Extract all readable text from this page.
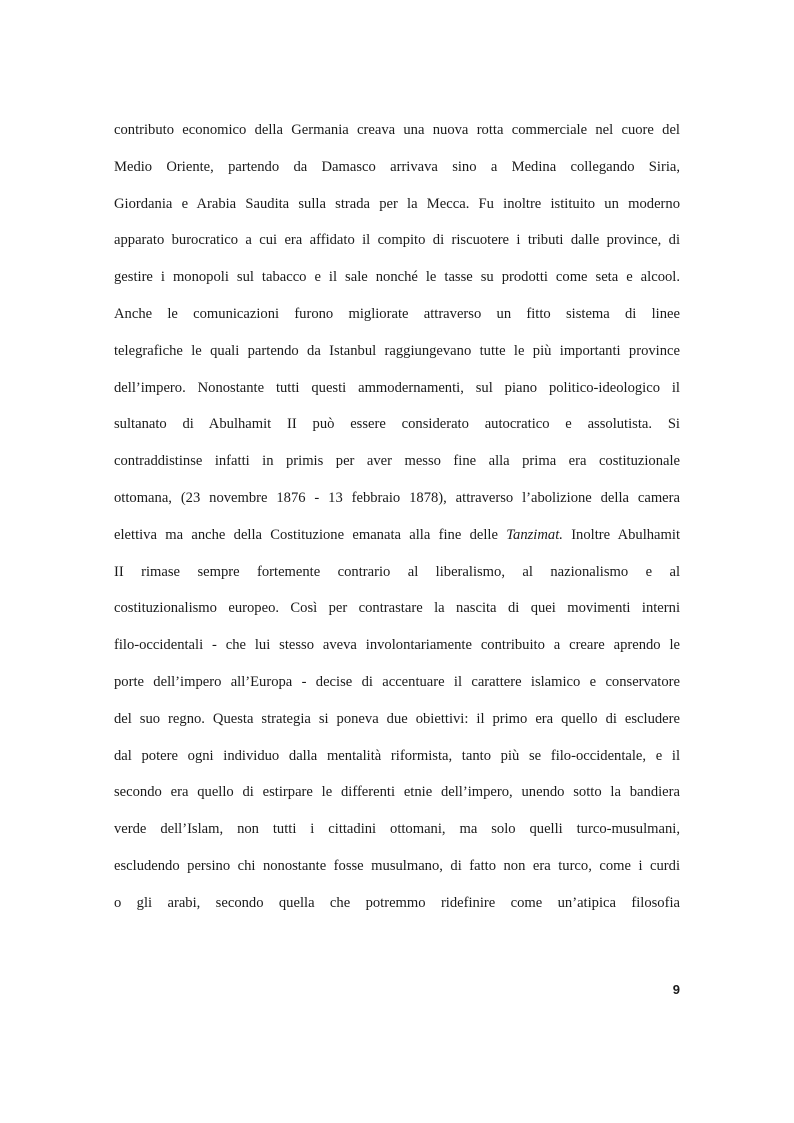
contributo economico della Germania creava una nuova rotta commerciale nel cuore del
Medio Oriente, partendo da Damasco arrivava sino a Medina collegando Siria,
Giordania e Arabia Saudita sulla strada per la Mecca. Fu inoltre istituito un moderno
apparato burocratico a cui era affidato il compito di riscuotere i tributi dalle province, di
gestire i monopoli sul tabacco e il sale nonché le tasse su prodotti come seta e alcool.
Anche le comunicazioni furono migliorate attraverso un fitto sistema di linee
telegrafiche le quali partendo da Istanbul raggiungevano tutte le più importanti province
dell’impero. Nonostante tutti questi ammodernamenti, sul piano politico-ideologico il
sultanato di Abulhamit II può essere considerato autocratico e assolutista. Si
contraddistinse infatti in primis per aver messo fine alla prima era costituzionale
ottomana, (23 novembre 1876 - 13 febbraio 1878), attraverso l’abolizione della camera
elettiva ma anche della Costituzione emanata alla fine delle Tanzimat. Inoltre Abulhamit
II rimase sempre fortemente contrario al liberalismo, al nazionalismo e al
costituzionalismo europeo. Così per contrastare la nascita di quei movimenti interni
filo-occidentali - che lui stesso aveva involontariamente contribuito a creare aprendo le
porte dell’impero all’Europa - decise di accentuare il carattere islamico e conservatore
del suo regno. Questa strategia si poneva due obiettivi: il primo era quello di escludere
dal potere ogni individuo dalla mentalità riformista, tanto più se filo-occidentale, e il
secondo era quello di estirpare le differenti etnie dell’impero, unendo sotto la bandiera
verde dell’Islam, non tutti i cittadini ottomani, ma solo quelli turco-musulmani,
escludendo persino chi nonostante fosse musulmano, di fatto non era turco, come i curdi
o gli arabi, secondo quella che potremmo ridefinire come un’atipica filosofia
9
